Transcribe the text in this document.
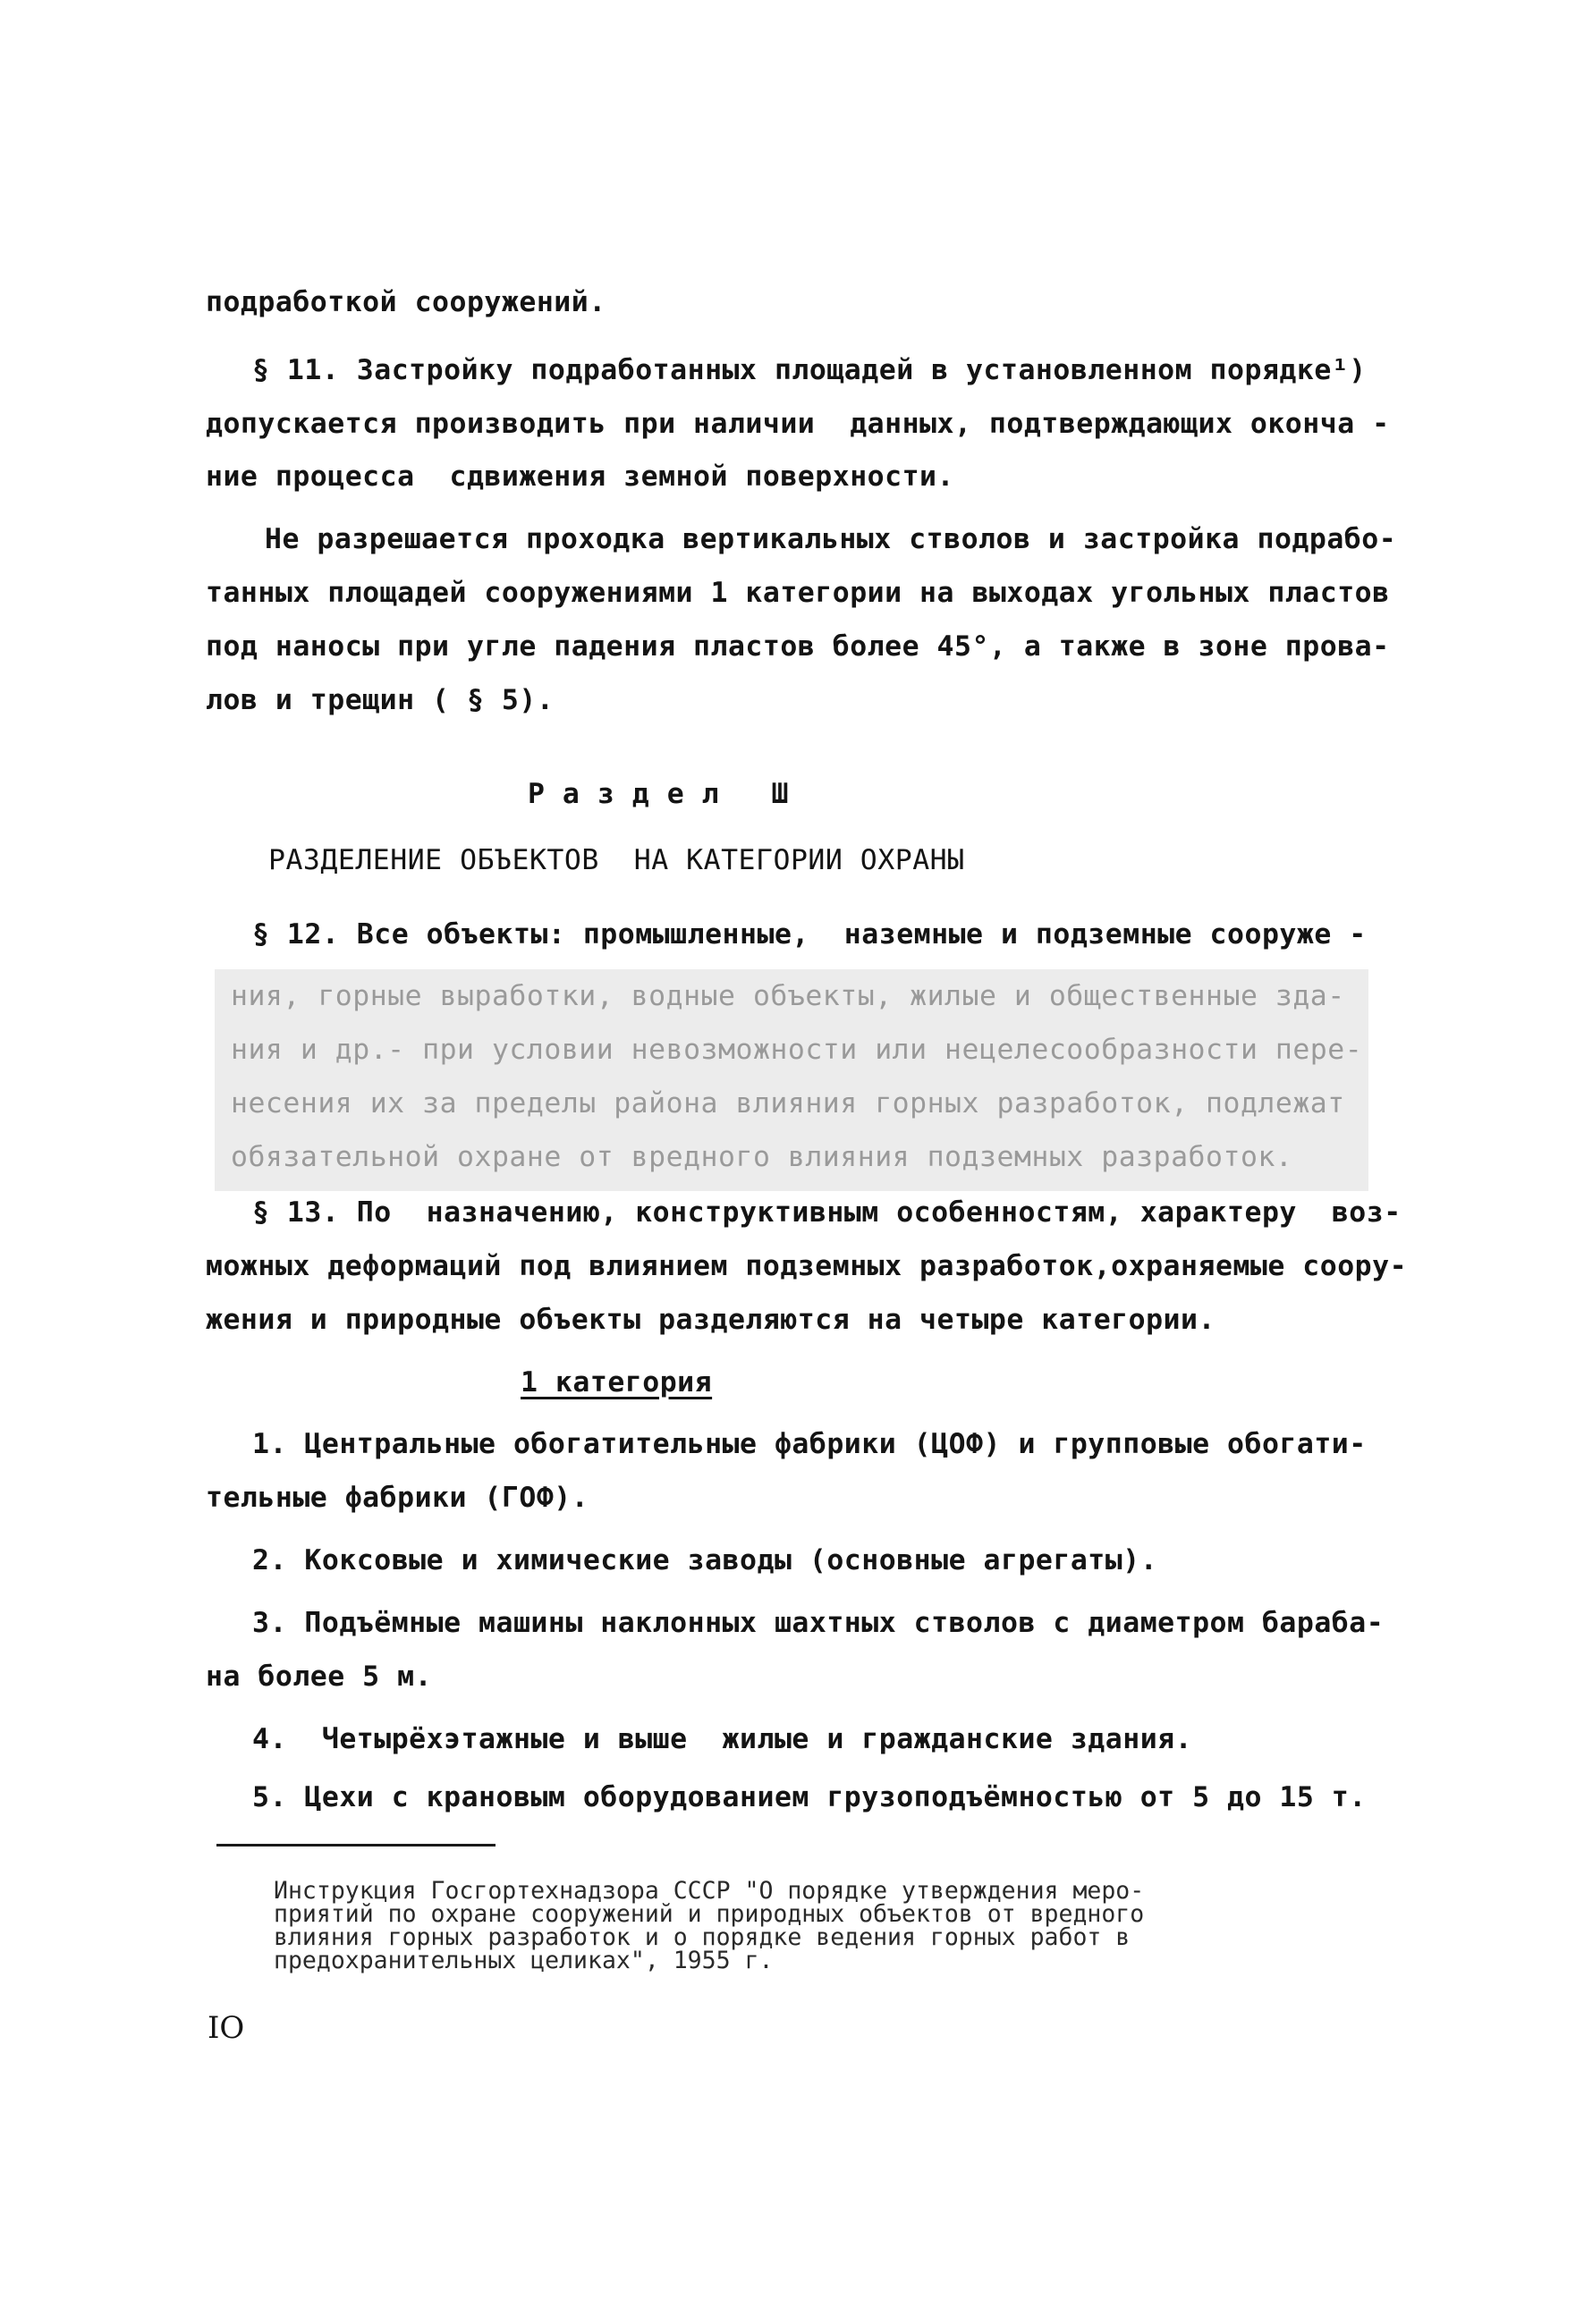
подработкой сооружений.

§ 11. Застройку подработанных площадей в установленном порядке¹)

допускается производить при наличии  данных, подтверждающих оконча -

ние процесса  сдвижения земной поверхности.

Не разрешается проходка вертикальных стволов и застройка подрабо-

танных площадей сооружениями 1 категории на выходах угольных пластов

под наносы при угле падения пластов более 45°, а также в зоне прова-

лов и трещин ( § 5).

Р а з д е л   Ш

РАЗДЕЛЕНИЕ ОБЪЕКТОВ  НА КАТЕГОРИИ ОХРАНЫ

§ 12. Все объекты: промышленные,  наземные и подземные сооруже -

ния, горные выработки, водные объекты, жилые и общественные зда-

ния и др.- при условии невозможности или нецелесообразности пере-

несения их за пределы района влияния горных разработок, подлежат

обязательной охране от вредного влияния подземных разработок.

§ 13. По  назначению, конструктивным особенностям, характеру  воз-

можных деформаций под влиянием подземных разработок,охраняемые соору-

жения и природные объекты разделяются на четыре категории.

1 категория

1. Центральные обогатительные фабрики (ЦОФ) и групповые обогати-

тельные фабрики (ГОФ).

2. Коксовые и химические заводы (основные агрегаты).

3. Подъёмные машины наклонных шахтных стволов с диаметром бараба-

на более 5 м.

4.  Четырёхэтажные и выше  жилые и гражданские здания.

5. Цехи с крановым оборудованием грузоподъёмностью от 5 до 15 т.

Инструкция Госгортехнадзора СССР "О порядке утверждения меро-

приятий по охране сооружений и природных объектов от вредного

влияния горных разработок и о порядке ведения горных работ в

предохранительных целиках", 1955 г.

IO
